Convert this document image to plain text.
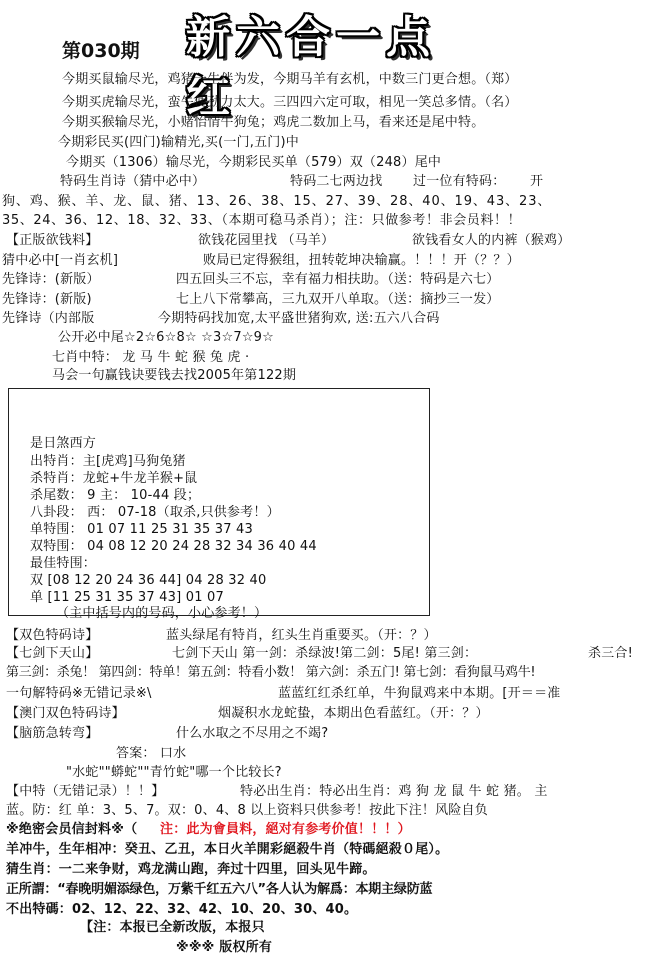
第030期 新六合一点红
今期买鼠输尽光，鸡猪一生伴为发，今期马羊有玄机，中数三门更合想。（郑）
今期买虎输尽光，蛮牛使劲力太大。三四四六定可取，相见一笑总多情。（名）
今期买猴输尽光，小赌怡情牛狗兔；鸡虎二数加上马，看来还是尾中特。
今期彩民买(四门)输精光,买(一门,五门)中
今期买（1306）输尽光，今期彩民买单（579）双（248）尾中
特码生肖诗（猜中必中）	特码二七两边找 过一位有特码： 开
狗、鸡、猴、羊、龙、鼠、猪、13、26、38、15、27、39、28、40、19、43、23、
35、24、36、12、18、32、33、（本期可稳马杀肖）；注：只做参考！非会员料！！
【正版欲钱料】	欲钱花园里找 （马羊）	欲钱看女人的内裤（猴鸡）
猜中必中[一肖玄机]	败局已定得猴组，扭转乾坤决输赢。！！！开（？？）
先锋诗：(新版）	四五回头三不忘，幸有福力相扶助。（送：特码是六七）
先锋诗：(新版)	七上八下常攀高，三九双开八单取。（送：摘抄三一发）
先锋诗（内部版	今期特码找加宽,太平盛世猪狗欢, 送:五六八合码
公开必中尾☆2☆6☆8☆ ☆3☆7☆9☆
七肖中特： 龙 马 牛 蛇 猴 兔 虎 ·
马会一句赢钱诀要钱去找2005年第122期
是日煞西方
出特肖：主[虎鸡]马狗兔猪
杀特肖：龙蛇+牛龙羊猴+鼠
杀尾数： 9 主： 10-44 段；
八卦段： 西： 07-18（取杀,只供参考！）
单特围： 01 07 11 25 31 35 37 43
双特围： 04 08 12 20 24 28 32 34 36 40 44
最佳特围：
双 [08 12 20 24 36 44] 04 28 32 40
单 [11 25 31 35 37 43] 01 07
（主中括号内的号码，小心参考！）
【双色特码诗】	蓝头绿尾有特肖，红头生肖重要买。（开：？）
【七剑下天山】	七剑下天山 第一剑：杀绿波!第二剑：5尾! 第三剑：	杀三合!
第三剑：杀兔！ 第四剑：特单！第五剑：特看小数！ 第六剑：杀五门! 第七剑：看狗鼠马鸡牛!
一句解特码※无错记录※\	蓝蓝红红杀红单，牛狗鼠鸡来中本期。[开＝＝准
【澳门双色特码诗】	烟凝积水龙蛇蛰，本期出色看蓝红。（开：？）
【脑筋急转弯】	什么水取之不尽用之不竭?
答案： 口水
"水蛇""蟒蛇""青竹蛇"哪一个比较长?
【中特（无错记录）！！】	特必出生肖：特必出生肖：鸡 狗 龙 鼠 牛 蛇 猪。 主
蓝。防：红 单：3、5、7。双：0、4、8 以上资料只供参考！按此下注！风险自负
※绝密会员信封料※（ 注：此为會員料，絕对有参考价值！！！）
羊冲牛，生年相冲：癸丑、乙丑，本日火羊開彩絕殺牛肖（特碼絕殺０尾）。
猜生肖：一二来争财，鸡龙满山跑，奔过十四里，回头见牛蹄。
正所謂：“春晚明媚添绿色，万紫千红五六八”各人认为解爲：本期主绿防蓝
不出特碼：02、12、22、32、42、10、20、30、40。
【注：本报已全新改版，本报只
※※※ 版权所有
